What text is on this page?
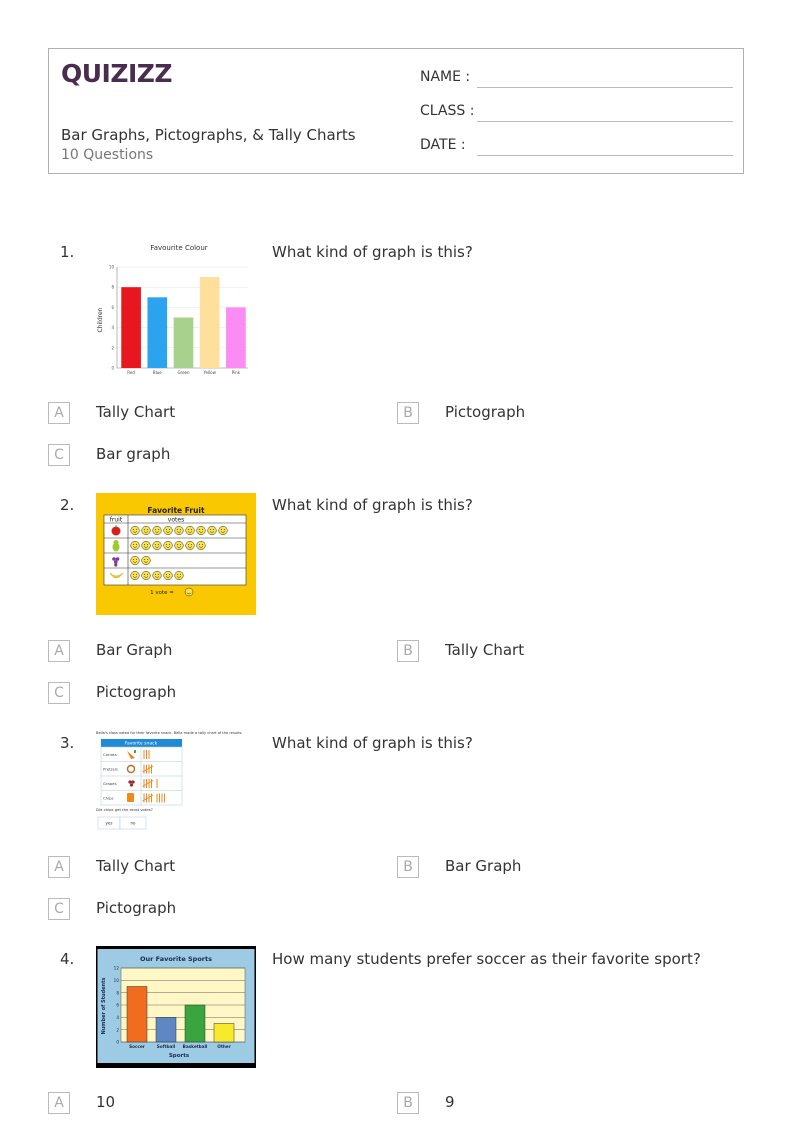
QUIZIZZ
Bar Graphs, Pictographs, & Tally Charts
10 Questions
NAME :
CLASS :
DATE :
1.	Favourite Colour
Children
0
2
4
6
8
10
Red	Blue	Green	Yellow	Pink
What kind of graph is this?
A	Tally Chart	B	Pictograph
C	Bar graph
2.	Favorite Fruit
fruit	votes
1 vote =
What kind of graph is this?
A	Bar Graph	B	Tally Chart
C	Pictograph
3.
Bella's class voted for their favorite snack. Bella made a tally chart of the results.
Favorite snack
Carrots
Pretzels
Grapes
Chips
Did chips get the most votes?
yes	no
What kind of graph is this?
A	Tally Chart	B	Bar Graph
C	Pictograph
4.	Our Favorite Sports
0
2
4
6
8
10
12
Soccer	Softball Basketball Other
Sports
Number of Students
How many students prefer soccer as their favorite sport?
A	10	B	9
